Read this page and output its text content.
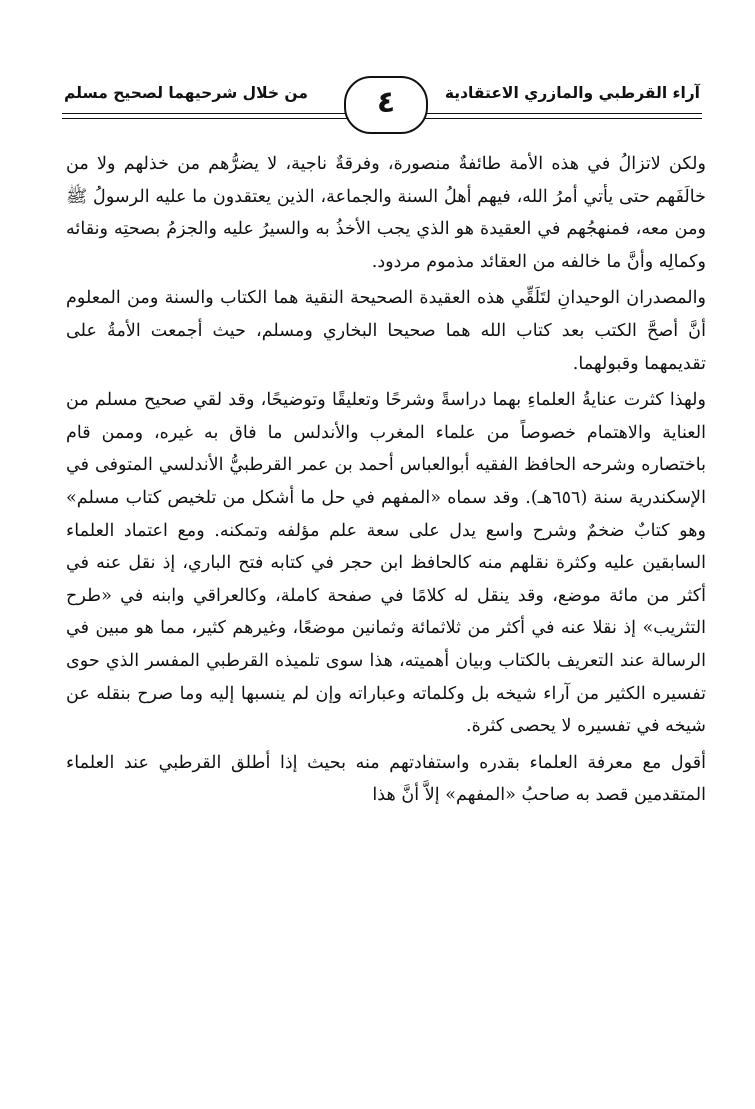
آراء القرطبي والمازري الاعتقادية
من خلال شرحيهما لصحيح مسلم	٤

ولكن لاتزالُ في هذه الأمة طائفةٌ منصورة، وفرقةٌ ناجية، لا يضرُّهم من خذلهم ولا من خالَفَهم حتى يأتي أمرُ الله، فيهم أهلُ السنة والجماعة، الذين يعتقدون ما عليه الرسولُ ﷺ ومن معه، فمنهجُهم في العقيدة هو الذي يجب الأخذُ به والسيرُ عليه والجزمُ بصحتِه ونقائه وكمالِه وأنَّ ما خالفه من العقائد مذموم مردود.

والمصدران الوحيدانِ لتَلَقِّي هذه العقيدة الصحيحة النقية هما الكتاب والسنة ومن المعلوم أنَّ أصحَّ الكتب بعد كتاب الله هما صحيحا البخاري ومسلم، حيث أجمعت الأمةُ على تقديمهما وقبولهما.

ولهذا كثرت عنايةُ العلماءِ بهما دراسةً وشرحًا وتعليقًا وتوضيحًا، وقد لقي صحيح مسلم من العناية والاهتمام خصوصاً من علماء المغرب والأندلس ما فاق به غيره، وممن قام باختصاره وشرحه الحافظ الفقيه أبوالعباس أحمد بن عمر القرطبيُّ الأندلسي المتوفى في الإسكندرية سنة (٦٥٦هـ). وقد سماه «المفهم في حل ما أشكل من تلخيص كتاب مسلم» وهو كتابٌ ضخمٌ وشرح واسع يدل على سعة علم مؤلفه وتمكنه. ومع اعتماد العلماء السابقين عليه وكثرة نقلهم منه كالحافظ ابن حجر في كتابه فتح الباري، إذ نقل عنه في أكثر من مائة موضع، وقد ينقل له كلامًا في صفحة كاملة، وكالعراقي وابنه في «طرح التثريب» إذ نقلا عنه في أكثر من ثلاثمائة وثمانين موضعًا، وغيرهم كثير، مما هو مبين في الرسالة عند التعريف بالكتاب وبيان أهميته، هذا سوى تلميذه القرطبي المفسر الذي حوى تفسيره الكثير من آراء شيخه بل وكلماته وعباراته وإن لم ينسبها إليه وما صرح بنقله عن شيخه في تفسيره لا يحصى كثرة.

أقول مع معرفة العلماء بقدره واستفادتهم منه بحيث إذا أطلق القرطبي عند العلماء المتقدمين قصد به صاحبُ «المفهم» إلاَّ أنَّ هذا
